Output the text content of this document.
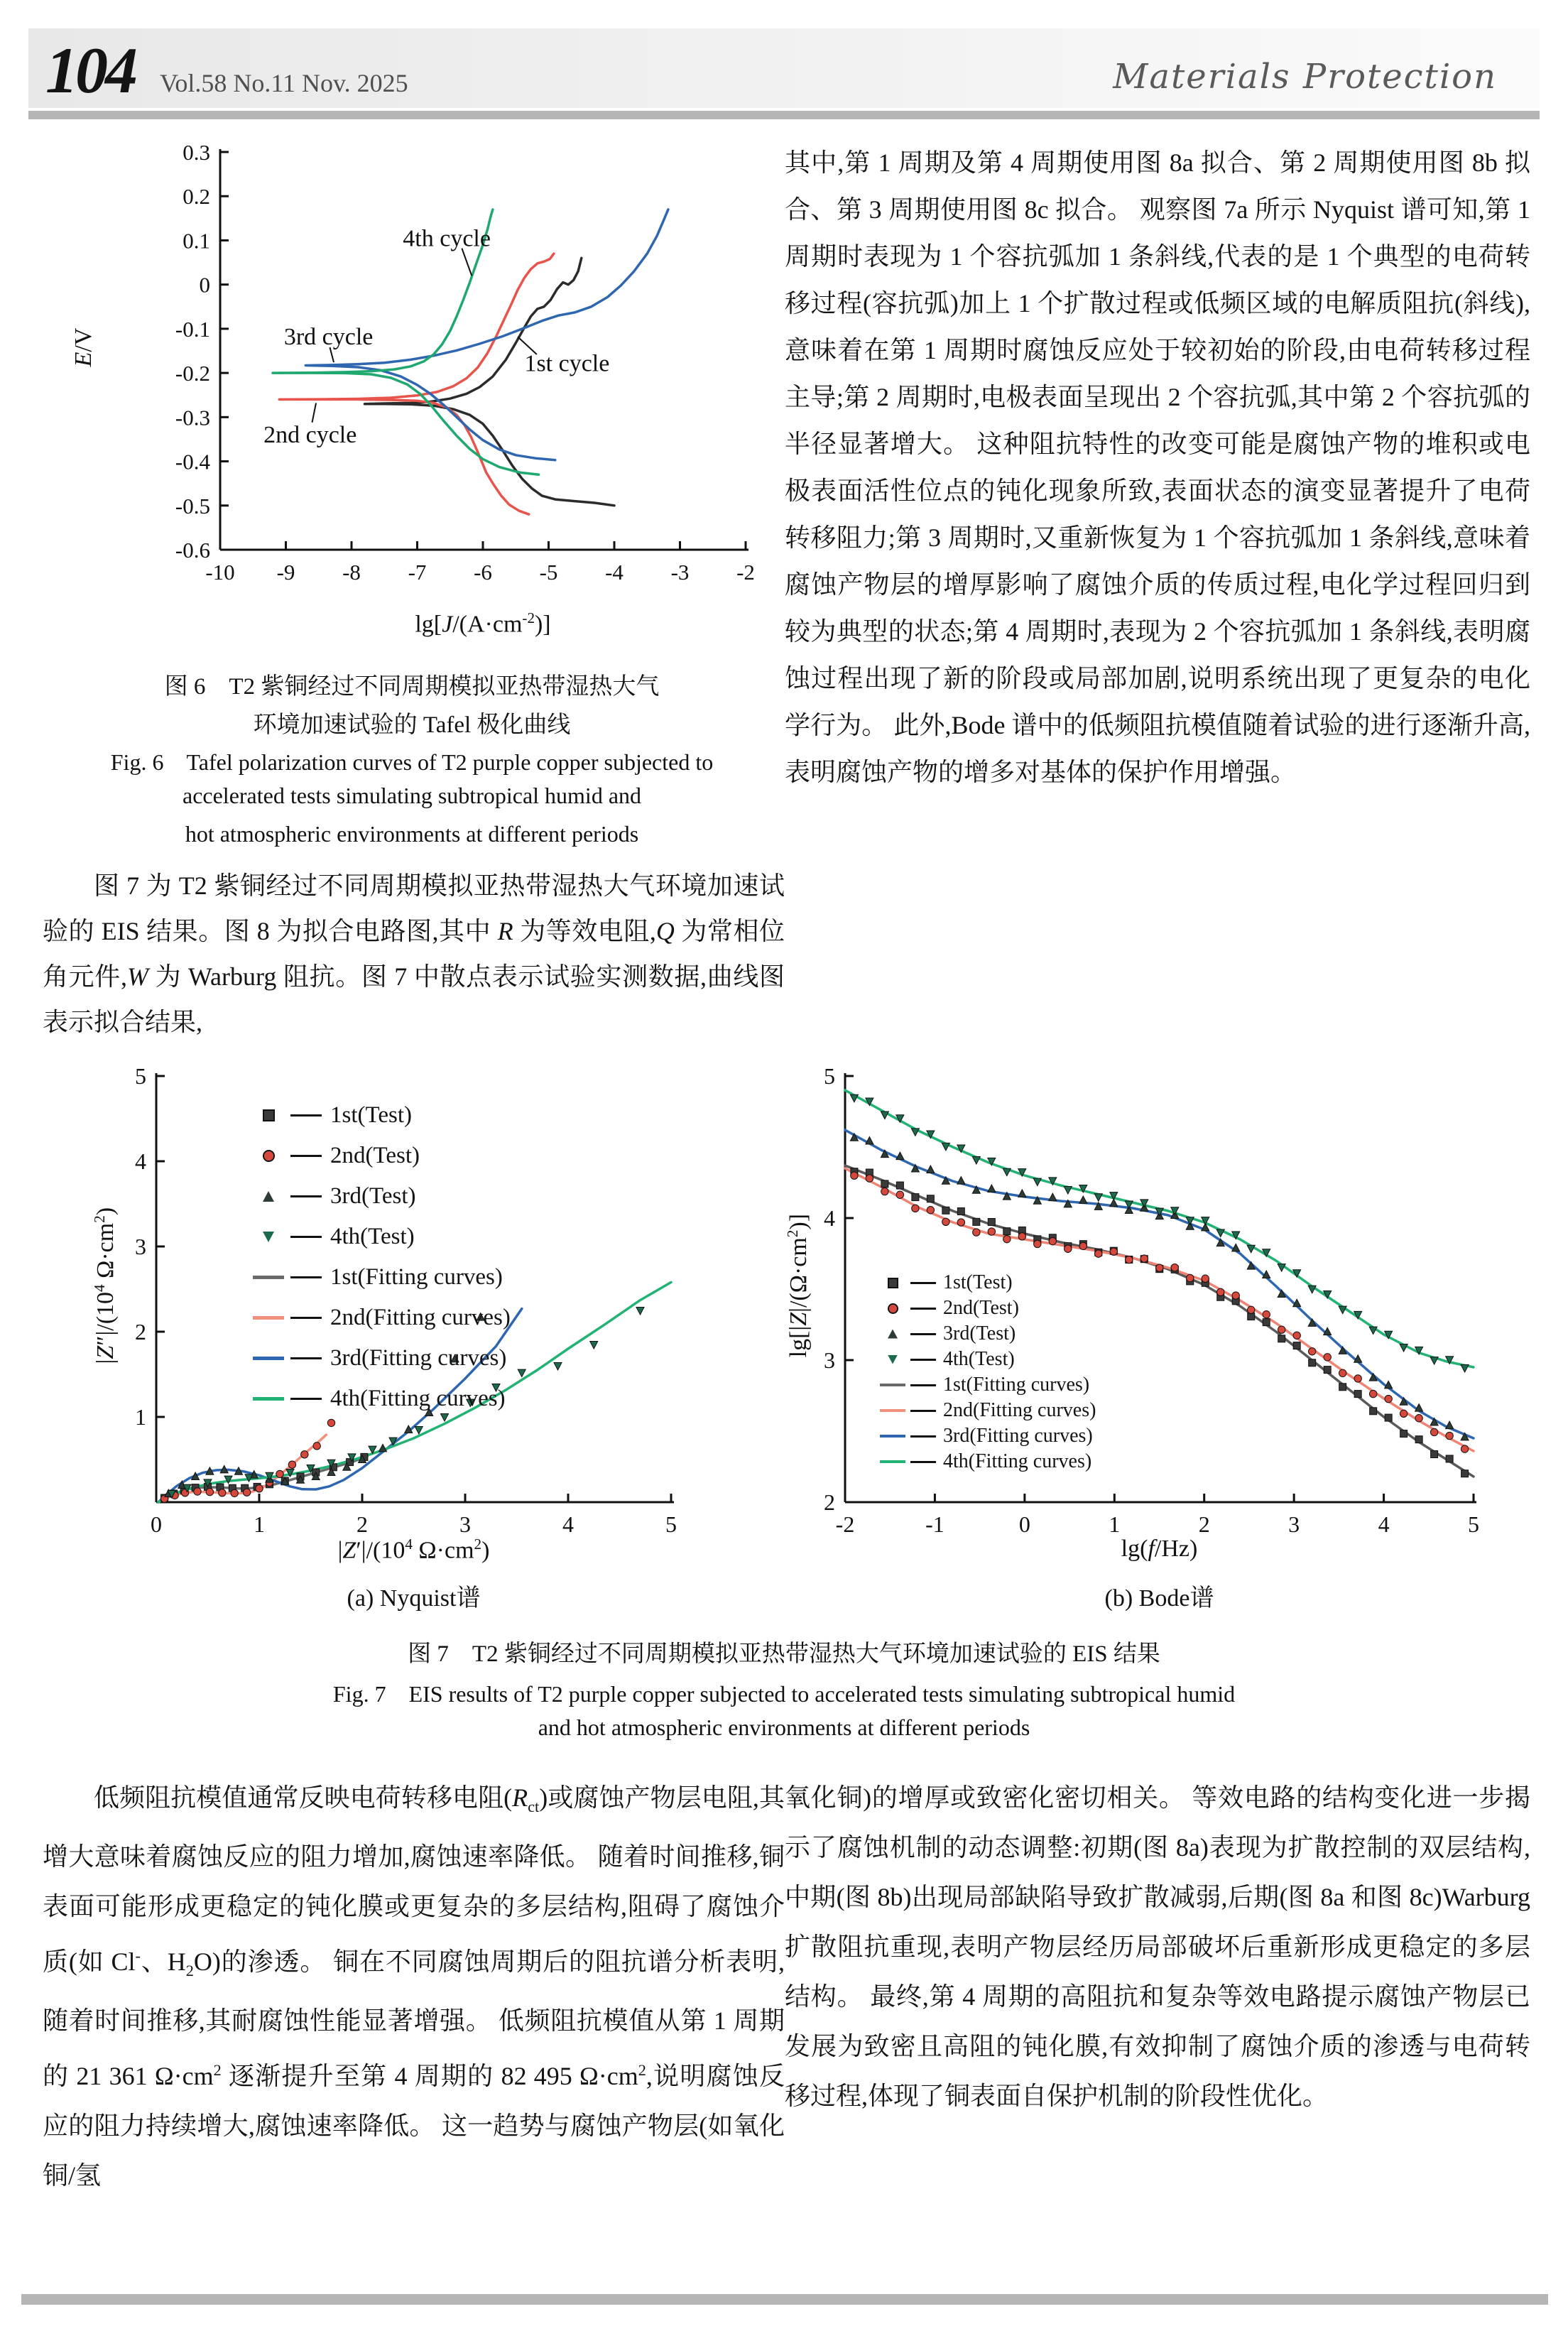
104 Vol.58 No.11 Nov. 2025	Materials Protection
-10 -9 -8 -7 -6 -5 -4 -3 -2
0.3
0.2
0.1
0
-0.1
-0.2
-0.3
-0.4
-0.5
-0.6
4th cycle
3rd cycle
1st cycle
2nd cycle
E/V
$\lg[J/(A\cdot cm^{-2})]$
图 6　T2 紫铜经过不同周期模拟亚热带湿热大气
环境加速试验的 Tafel 极化曲线
Fig. 6　Tafel polarization curves of T2 purple copper subjected to
accelerated tests simulating subtropical humid and
hot atmospheric environments at different periods
图 7 为 T2 紫铜经过不同周期模拟亚热带湿热大气环境加速试验的 EIS 结果。图 8 为拟合电路图,其中 R 为等效电阻,Q 为常相位角元件,W 为 Warburg 阻抗。图 7 中散点表示试验实测数据,曲线图表示拟合结果,
其中,第 1 周期及第 4 周期使用图 8a 拟合、第 2 周期使用图 8b 拟合、第 3 周期使用图 8c 拟合。 观察图 7a 所示 Nyquist 谱可知,第 1 周期时表现为 1 个容抗弧加 1 条斜线,代表的是 1 个典型的电荷转移过程(容抗弧)加上 1 个扩散过程或低频区域的电解质阻抗(斜线),意味着在第 1 周期时腐蚀反应处于较初始的阶段,由电荷转移过程主导;第 2 周期时,电极表面呈现出 2 个容抗弧,其中第 2 个容抗弧的半径显著增大。 这种阻抗特性的改变可能是腐蚀产物的堆积或电极表面活性位点的钝化现象所致,表面状态的演变显著提升了电荷转移阻力;第 3 周期时,又重新恢复为 1 个容抗弧加 1 条斜线,意味着腐蚀产物层的增厚影响了腐蚀介质的传质过程,电化学过程回归到较为典型的状态;第 4 周期时,表现为 2 个容抗弧加 1 条斜线,表明腐蚀过程出现了新的阶段或局部加剧,说明系统出现了更复杂的电化学行为。 此外,Bode 谱中的低频阻抗模值随着试验的进行逐渐升高,表明腐蚀产物的增多对基体的保护作用增强。
0	1	2	3	4	5
1
2
3
4
5
$|Z''|/(10^4$ $\Omega\cdot cm^2$)
$|Z'|/(10^4$ $\Omega\cdot cm^2$)
1st(Test)
2nd(Test)
3rd(Test)
4th(Test)
1st(Fitting curves)
2nd(Fitting curves)
3rd(Fitting curves)
4th(Fitting curves)
(a) Nyquist谱
-2	-1	0	1	2	3	4	5
2
3
4
5
$\lg[|Z|/(\Omega\cdot cm^2)]$
lg(f/Hz)
1st(Test)
2nd(Test)
3rd(Test)
4th(Test)
1st(Fitting curves)
2nd(Fitting curves)
3rd(Fitting curves)
4th(Fitting curves)
(b) Bode谱
图 7　T2 紫铜经过不同周期模拟亚热带湿热大气环境加速试验的 EIS 结果
Fig. 7　EIS results of T2 purple copper subjected to accelerated tests simulating subtropical humid
and hot atmospheric environments at different periods
低频阻抗模值通常反映电荷转移电阻$(R_{ct})$或腐蚀产物层电阻,其增大意味着腐蚀反应的阻力增加,腐蚀速率降低。 随着时间推移,铜表面可能形成更稳定的钝化膜或更复杂的多层结构,阻碍了腐蚀介质(如 Cl-、$H_2O$)的渗透。 铜在不同腐蚀周期后的阻抗谱分析表明,随着时间推移,其耐腐蚀性能显著增强。 低频阻抗模值从第 1 周期的 21 361 $\Omega\cdot cm^2$ 逐渐提升至第 4 周期的 82 495 $\Omega\cdot cm^2$,说明腐蚀反应的阻力持续增大,腐蚀速率降低。 这一趋势与腐蚀产物层(如氧化铜/氢
氧化铜)的增厚或致密化密切相关。 等效电路的结构变化进一步揭示了腐蚀机制的动态调整:初期(图 8a)表现为扩散控制的双层结构,中期(图 8b)出现局部缺陷导致扩散减弱,后期(图 8a 和图 8c)Warburg 扩散阻抗重现,表明产物层经历局部破坏后重新形成更稳定的多层结构。 最终,第 4 周期的高阻抗和复杂等效电路提示腐蚀产物层已发展为致密且高阻的钝化膜,有效抑制了腐蚀介质的渗透与电荷转移过程,体现了铜表面自保护机制的阶段性优化。
